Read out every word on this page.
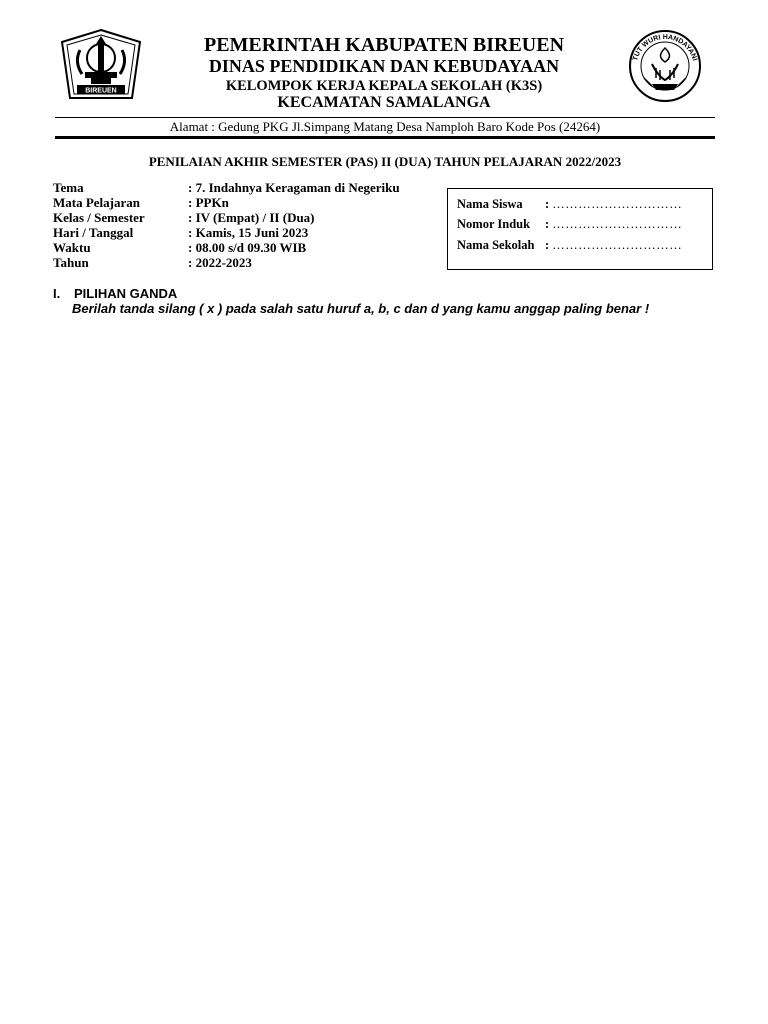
BIREUEN
TUT WURI HANDAYANI
PEMERINTAH KABUPATEN BIREUEN
DINAS PENDIDIKAN DAN KEBUDAYAAN
KELOMPOK KERJA KEPALA SEKOLAH (K3S)
KECAMATAN SAMALANGA
Alamat : Gedung PKG Jl.Simpang Matang Desa Namploh Baro Kode Pos (24264)
PENILAIAN AKHIR SEMESTER (PAS) II (DUA) TAHUN PELAJARAN 2022/2023
Tema	: 7. Indahnya Keragaman di Negeriku
Mata Pelajaran	: PPKn
Kelas / Semester	: IV (Empat) / II (Dua)
Hari / Tanggal	: Kamis, 15 Juni 2023
Waktu	: 08.00 s/d 09.30 WIB
Tahun	: 2022-2023
Nama Siswa : …………………………
Nomor Induk : …………………………
Nama Sekolah : …………………………
I. PILIHAN GANDA
Berilah tanda silang ( x ) pada salah satu huruf a, b, c dan d yang kamu anggap paling benar !
